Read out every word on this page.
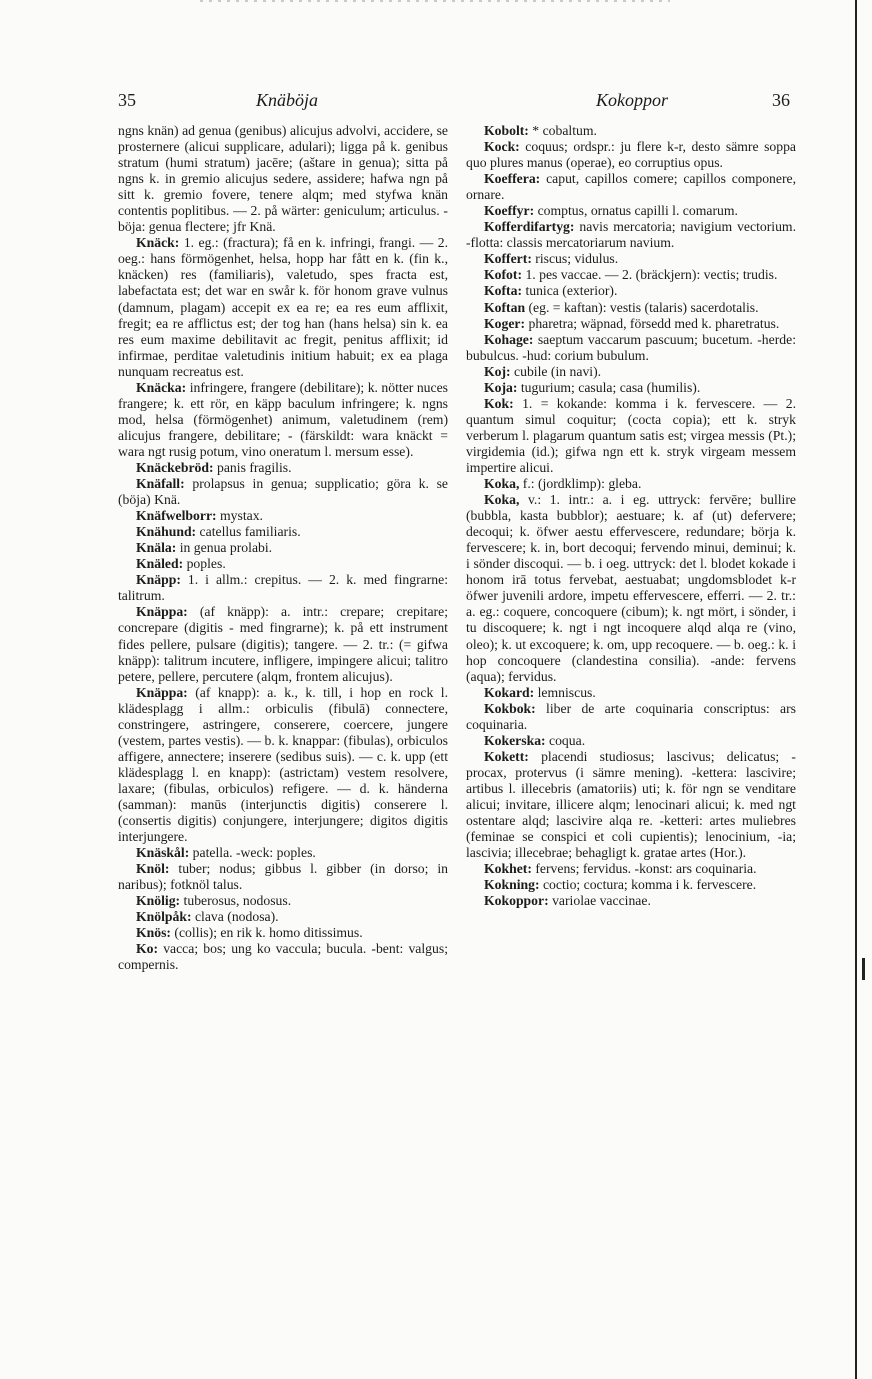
35	Knäböja	Kokoppor	36

ngns knän) ad genua (genibus) alicujus advolvi, accidere, se prosternere (alicui supplicare, adulari); ligga på k. genibus stratum (humi stratum) jacēre; (aštare in genua); sitta på ngns k. in gremio alicujus sedere, assidere; hafwa ngn på sitt k. gremio fovere, tenere alqm; med styfwa knän contentis poplitibus. — 2. på wärter: geniculum; articulus. -böja: genua flectere; jfr Knä.

Knäck: 1. eg.: (fractura); få en k. infringi, frangi. — 2. oeg.: hans förmögenhet, helsa, hopp har fått en k. (fin k., knäcken) res (familiaris), valetudo, spes fracta est, labefactata est; det war en swår k. för honom grave vulnus (damnum, plagam) accepit ex ea re; ea res eum afflixit, fregit; ea re afflictus est; der tog han (hans helsa) sin k. ea res eum maxime debilitavit ac fregit, penitus afflixit; id infirmae, perditae valetudinis initium habuit; ex ea plaga nunquam recreatus est.

Knäcka: infringere, frangere (debilitare); k. nötter nuces frangere; k. ett rör, en käpp baculum infringere; k. ngns mod, helsa (förmögenhet) animum, valetudinem (rem) alicujus frangere, debilitare; - (färskildt: wara knäckt = wara ngt rusig potum, vino oneratum l. mersum esse).

Knäckebröd: panis fragilis.

Knäfall: prolapsus in genua; supplicatio; göra k. se (böja) Knä.

Knäfwelborr: mystax.

Knähund: catellus familiaris.

Knäla: in genua prolabi.

Knäled: poples.

Knäpp: 1. i allm.: crepitus. — 2. k. med fingrarne: talitrum.

Knäppa: (af knäpp): a. intr.: crepare; crepitare; concrepare (digitis - med fingrarne); k. på ett instrument fides pellere, pulsare (digitis); tangere. — 2. tr.: (= gifwa knäpp): talitrum incutere, infligere, impingere alicui; talitro petere, pellere, percutere (alqm, frontem alicujus).

Knäppa: (af knapp): a. k., k. till, i hop en rock l. klädesplagg i allm.: orbiculis (fibulā) connectere, constringere, astringere, conserere, coercere, jungere (vestem, partes vestis). — b. k. knappar: (fibulas), orbiculos affigere, annectere; inserere (sedibus suis). — c. k. upp (ett klädesplagg l. en knapp): (astrictam) vestem resolvere, laxare; (fibulas, orbiculos) refigere. — d. k. händerna (samman): manūs (interjunctis digitis) conserere l. (consertis digitis) conjungere, interjungere; digitos digitis interjungere.

Knäskål: patella. -weck: poples.

Knöl: tuber; nodus; gibbus l. gibber (in dorso; in naribus); fotknöl talus.

Knölig: tuberosus, nodosus.

Knölpåk: clava (nodosa).

Knös: (collis); en rik k. homo ditissimus.

Ko: vacca; bos; ung ko vaccula; bucula. -bent: valgus; compernis.

Kobolt: * cobaltum.

Kock: coquus; ordspr.: ju flere k-r, desto sämre soppa quo plures manus (operae), eo corruptius opus.

Koeffera: caput, capillos comere; capillos componere, ornare.

Koeffyr: comptus, ornatus capilli l. comarum.

Kofferdifartyg: navis mercatoria; navigium vectorium. -flotta: classis mercatoriarum navium.

Koffert: riscus; vidulus.

Kofot: 1. pes vaccae. — 2. (bräckjern): vectis; trudis.

Kofta: tunica (exterior).

Koftan (eg. = kaftan): vestis (talaris) sacerdotalis.

Koger: pharetra; wäpnad, försedd med k. pharetratus.

Kohage: saeptum vaccarum pascuum; bucetum. -herde: bubulcus. -hud: corium bubulum.

Koj: cubile (in navi).

Koja: tugurium; casula; casa (humilis).

Kok: 1. = kokande: komma i k. fervescere. — 2. quantum simul coquitur; (cocta copia); ett k. stryk verberum l. plagarum quantum satis est; virgea messis (Pt.); virgidemia (id.); gifwa ngn ett k. stryk virgeam messem impertire alicui.

Koka, f.: (jordklimp): gleba.

Koka, v.: 1. intr.: a. i eg. uttryck: fervēre; bullire (bubbla, kasta bubblor); aestuare; k. af (ut) defervere; decoqui; k. öfwer aestu effervescere, redundare; börja k. fervescere; k. in, bort decoqui; fervendo minui, deminui; k. i sönder discoqui. — b. i oeg. uttryck: det l. blodet kokade i honom irā totus fervebat, aestuabat; ungdomsblodet k-r öfwer juvenili ardore, impetu effervescere, efferri. — 2. tr.: a. eg.: coquere, concoquere (cibum); k. ngt mört, i sönder, i tu discoquere; k. ngt i ngt incoquere alqd alqa re (vino, oleo); k. ut excoquere; k. om, upp recoquere. — b. oeg.: k. i hop concoquere (clandestina consilia). -ande: fervens (aqua); fervidus.

Kokard: lemniscus.

Kokbok: liber de arte coquinaria conscriptus: ars coquinaria.

Kokerska: coqua.

Kokett: placendi studiosus; lascivus; delicatus; - procax, protervus (i sämre mening). -kettera: lascivire; artibus l. illecebris (amatoriis) uti; k. för ngn se venditare alicui; invitare, illicere alqm; lenocinari alicui; k. med ngt ostentare alqd; lascivire alqa re. -ketteri: artes muliebres (feminae se conspici et coli cupientis); lenocinium, -ia; lascivia; illecebrae; behagligt k. gratae artes (Hor.).

Kokhet: fervens; fervidus. -konst: ars coquinaria.

Kokning: coctio; coctura; komma i k. fervescere.

Kokoppor: variolae vaccinae.
